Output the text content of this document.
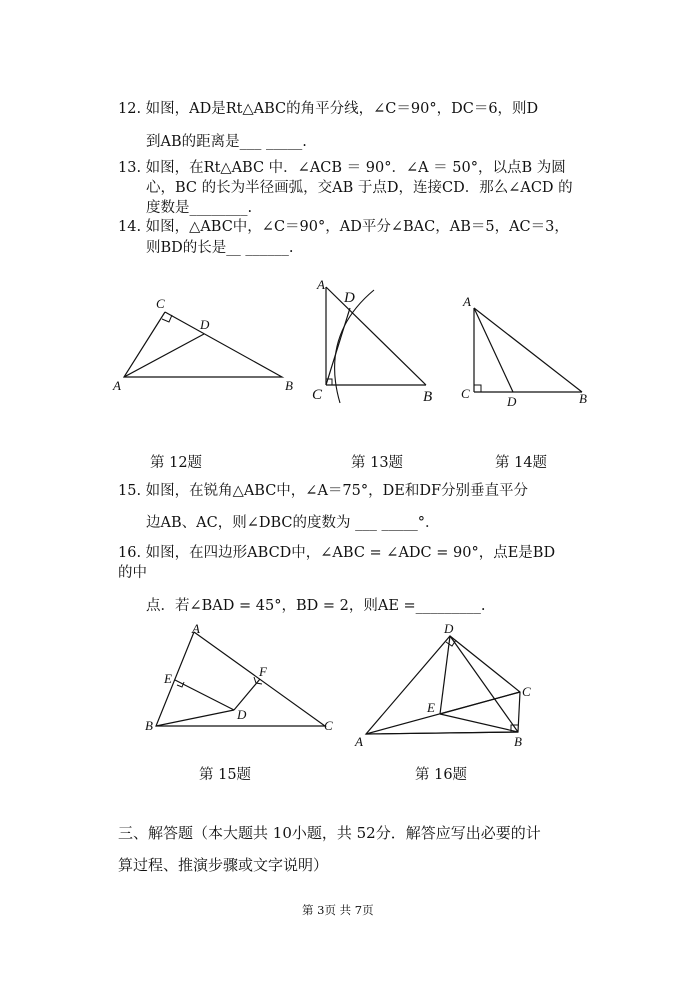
12. 如图，AD是Rt△ABC的角平分线，∠C＝90°，DC＝6，则D
到AB的距离是___ _____.
13. 如图，在Rt△ABC 中．∠ACB ＝ 90°．∠A ＝ 50°，以点B 为圆
心，BC 的长为半径画弧，交AB 于点D，连接CD．那么∠ACD 的
度数是________.
14. 如图，△ABC中，∠C＝90°，AD平分∠BAC，AB＝5，AC＝3，
则BD的长是__ ______.
C
D
A	B
A
D
C	B
A
C
D	B
第 12题	第 13题	第 14题
15. 如图，在锐角△ABC中，∠A＝75°，DE和DF分别垂直平分
边AB、AC，则∠DBC的度数为 ___ _____°．
16. 如图，在四边形ABCD中，∠ABC = ∠ADC = 90°，点E是BD
的中
点．若∠BAD = 45°，BD = 2，则AE =_________.
A
E	F
D
B	C
D
C
E
A	B
第 15题	第 16题
三、解答题（本大题共 10小题，共 52分．解答应写出必要的计
算过程、推演步骤或文字说明）
第 3页 共 7页
